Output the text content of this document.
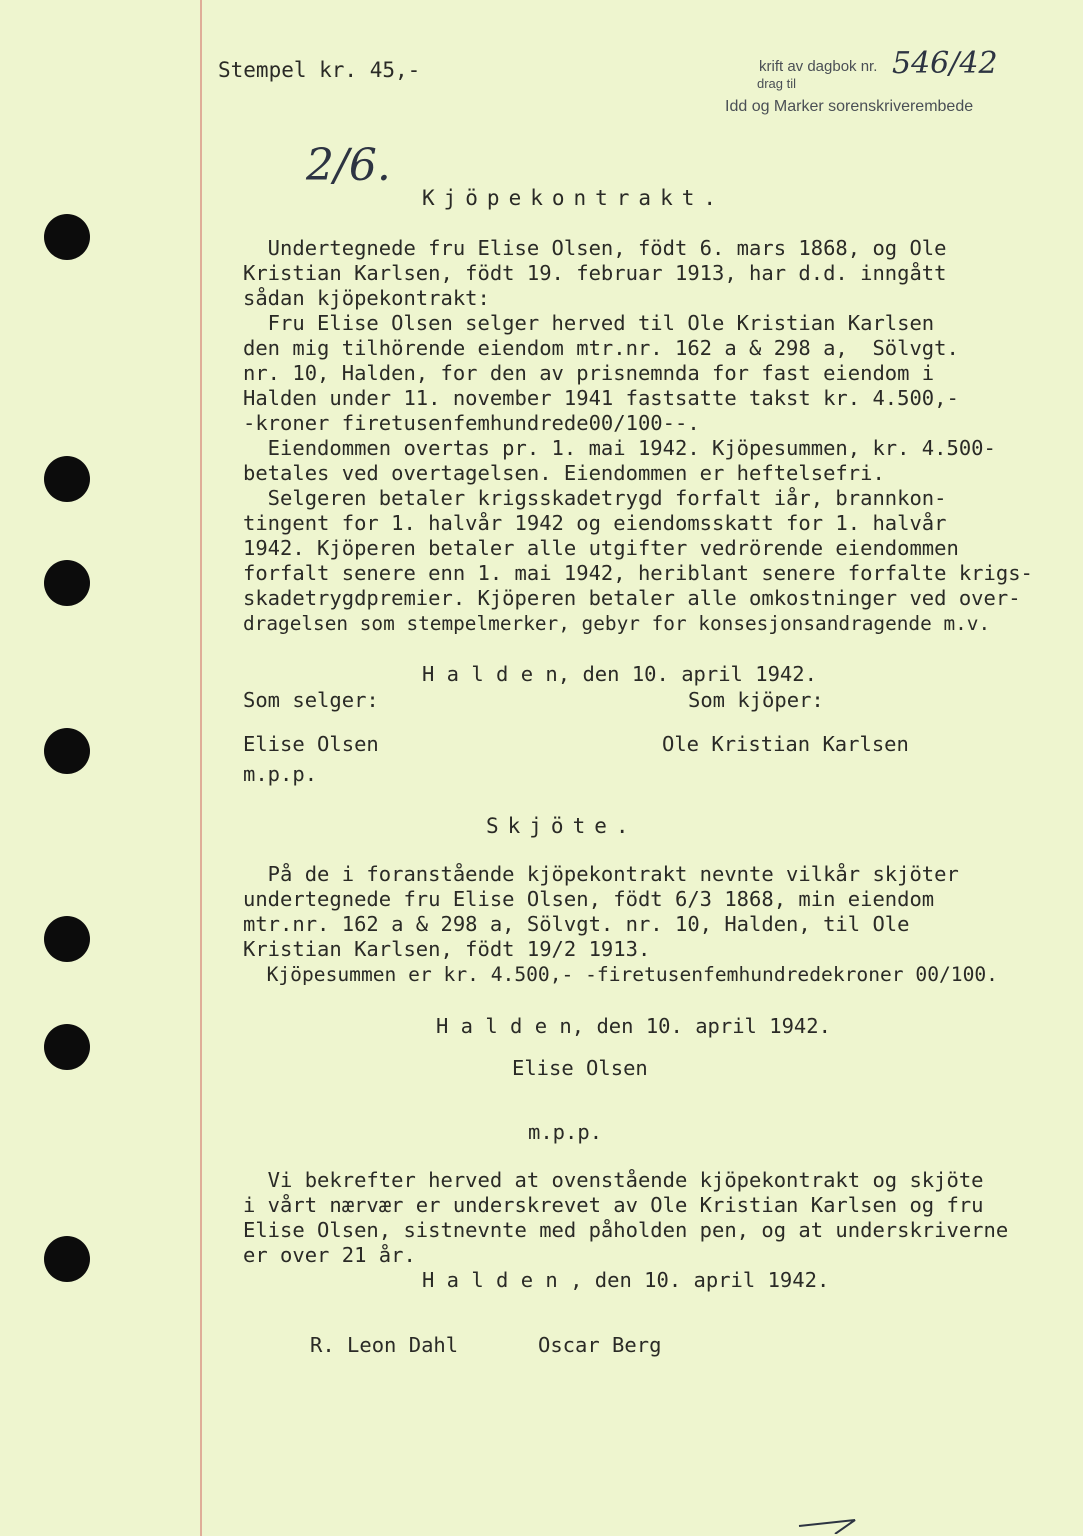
Stempel kr. 45,-	krift av dagbok nr.
drag til
Idd og Marker sorenskriverembede
546/42
2/6.
Kjöpekontrakt.
Undertegnede fru Elise Olsen, födt 6. mars 1868, og Ole
Kristian Karlsen, födt 19. februar 1913, har d.d. inngått
sådan kjöpekontrakt:
Fru Elise Olsen selger herved til Ole Kristian Karlsen
den mig tilhörende eiendom mtr.nr. 162 a & 298 a,  Sölvgt.
nr. 10, Halden, for den av prisnemnda for fast eiendom i
Halden under 11. november 1941 fastsatte takst kr. 4.500,-
-kroner firetusenfemhundrede00/100--.
Eiendommen overtas pr. 1. mai 1942. Kjöpesummen, kr. 4.500-
betales ved overtagelsen. Eiendommen er heftelsefri.
Selgeren betaler krigsskadetrygd forfalt iår, brannkon-
tingent for 1. halvår 1942 og eiendomsskatt for 1. halvår
1942. Kjöperen betaler alle utgifter vedrörende eiendommen
forfalt senere enn 1. mai 1942, heriblant senere forfalte krigs-
skadetrygdpremier. Kjöperen betaler alle omkostninger ved over-
dragelsen som stempelmerker, gebyr for konsesjonsandragende m.v.
H a l d e n, den 10. april 1942.
Som selger:	Som kjöper:
Elise Olsen	Ole Kristian Karlsen
m.p.p.
Skjöte.
På de i foranstående kjöpekontrakt nevnte vilkår skjöter
undertegnede fru Elise Olsen, födt 6/3 1868, min eiendom
mtr.nr. 162 a & 298 a, Sölvgt. nr. 10, Halden, til Ole
Kristian Karlsen, födt 19/2 1913.
Kjöpesummen er kr. 4.500,- -firetusenfemhundredekroner 00/100.
H a l d e n, den 10. april 1942.
Elise Olsen
m.p.p.
Vi bekrefter herved at ovenstående kjöpekontrakt og skjöte
i vårt nærvær er underskrevet av Ole Kristian Karlsen og fru
Elise Olsen, sistnevnte med påholden pen, og at underskriverne
er over 21 år.
H a l d e n , den 10. april 1942.
R. Leon Dahl	Oscar Berg
